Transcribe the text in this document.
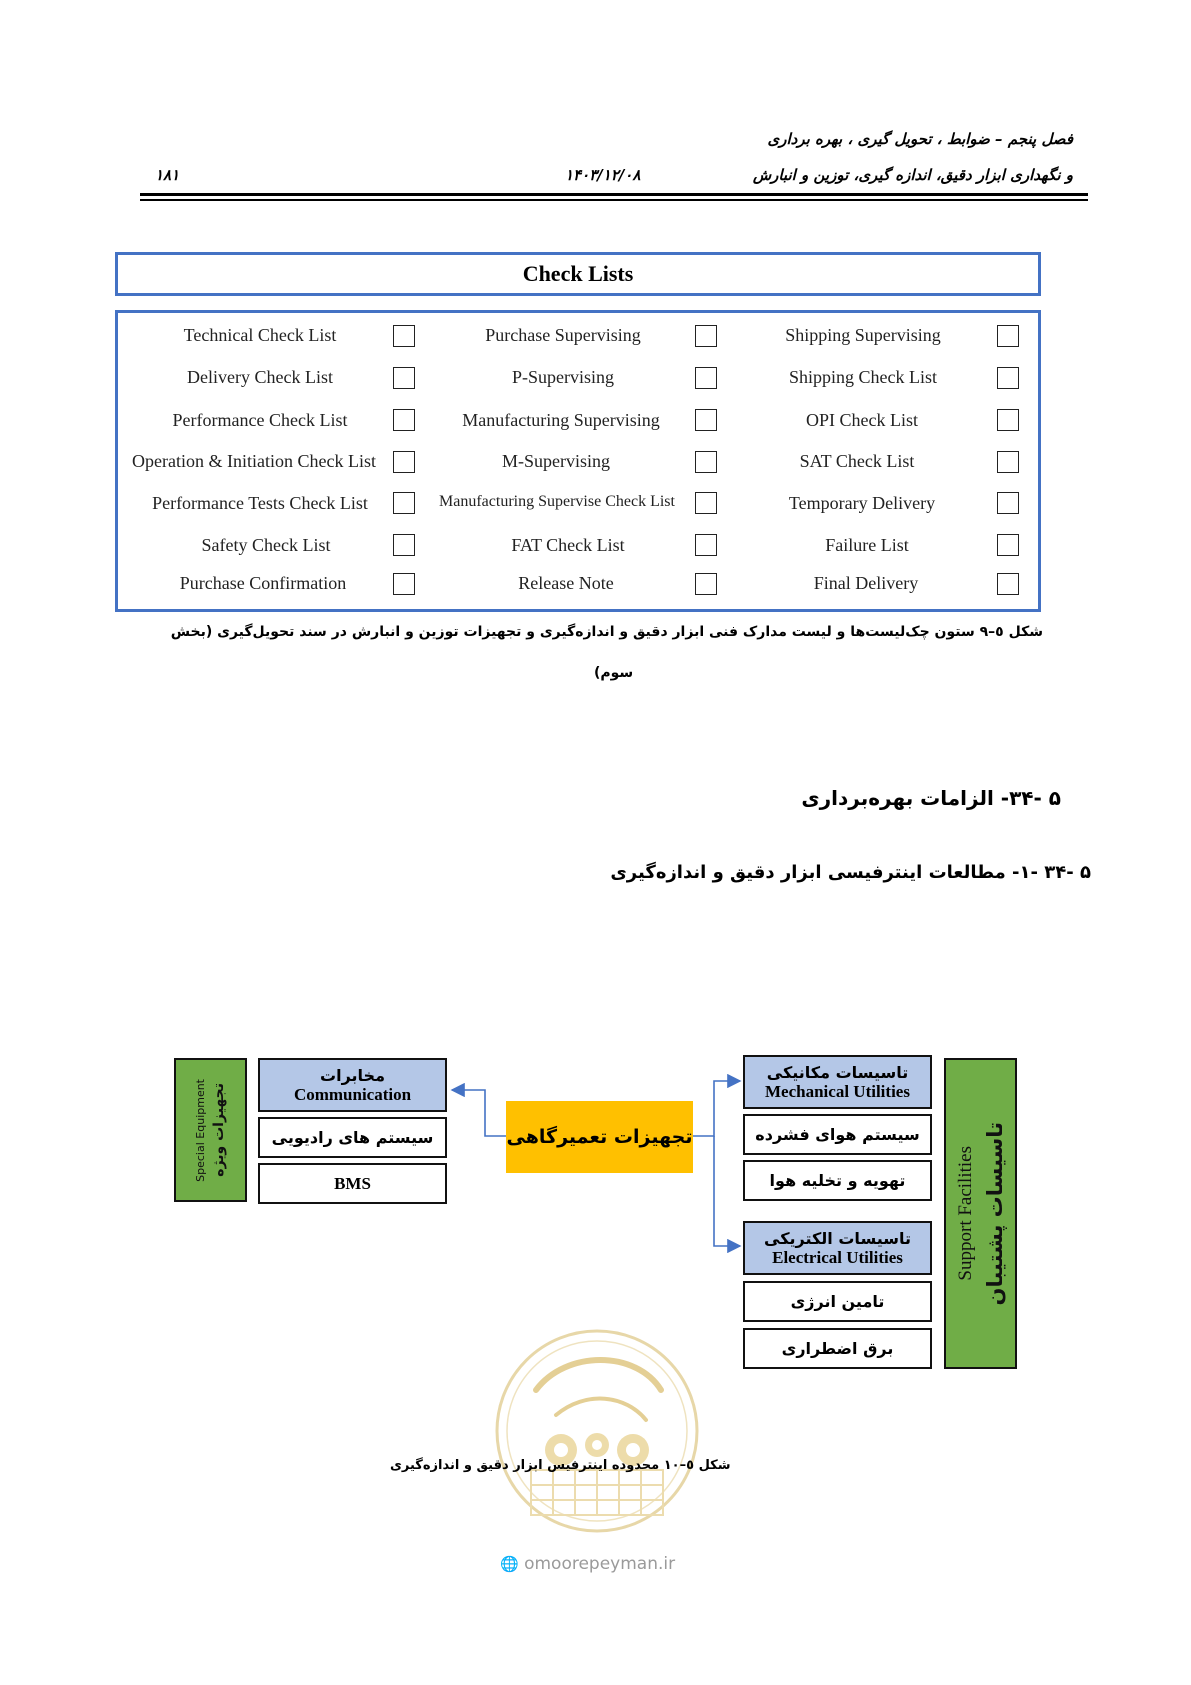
فصل پنجم – ضوابط ، تحویل گیری ، بهره برداری
و نگهداری ابزار دقیق، اندازه گیری، توزین و انبارش
۱۴۰۳/۱۲/۰۸
۱۸۱
Check Lists
Technical Check List
Delivery Check List
Performance Check List
Operation & Initiation Check List
Performance Tests Check List
Safety Check List
Purchase Confirmation
Purchase Supervising
P-Supervising
Manufacturing Supervising
M-Supervising
Manufacturing Supervise Check List
FAT Check List
Release Note
Shipping Supervising
Shipping Check List
OPI Check List
SAT Check List
Temporary Delivery
Failure List
Final Delivery
شکل ٥–۹ ستون چک‌لیست‌ها و لیست مدارک فنی ابزار دقیق و اندازه‌گیری و تجهیزات توزین و انبارش در سند تحویل‌گیری (بخش
سوم)
۵ -۳۴- الزامات بهره‌برداری
۵ -۳۴ -۱- مطالعات اینترفیسی ابزار دقیق و اندازه‌گیری
Special Equipment تجهیزات ویژه
مخابرات
Communication
سیستم های رادیویی
BMS
تجهیزات تعمیرگاهی
تاسیسات مکانیکی
Mechanical Utilities
سیستم هوای فشرده
تهویه و تخلیه هوا
تاسیسات الکتریکی
Electrical Utilities
تامین انرژی
برق اضطراری
Support Facilities تاسیسات پشتیبان
شکل ٥–۱۰ محدوده اینترفیس ابزار دقیق و اندازه‌گیری
🌐 omoorepeyman.ir
